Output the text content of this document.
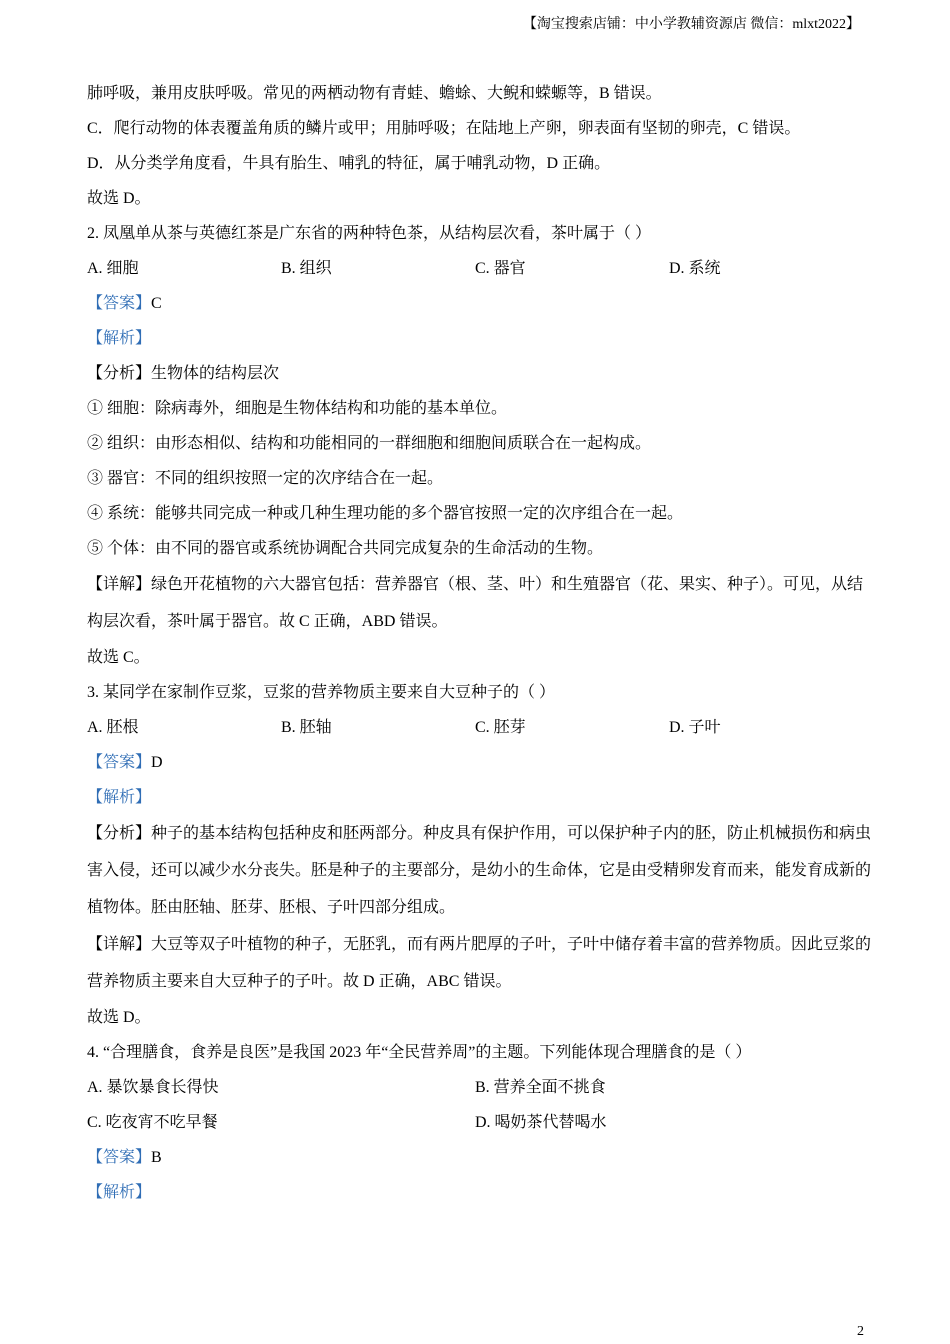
【淘宝搜索店铺：中小学教辅资源店 微信：mlxt2022】
肺呼吸，兼用皮肤呼吸。常见的两栖动物有青蛙、蟾蜍、大鲵和蝾螈等，B 错误。
C．爬行动物的体表覆盖角质的鳞片或甲；用肺呼吸；在陆地上产卵，卵表面有坚韧的卵壳，C 错误。
D．从分类学角度看，牛具有胎生、哺乳的特征，属于哺乳动物，D 正确。
故选 D。
2. 凤凰单从茶与英德红茶是广东省的两种特色茶，从结构层次看，茶叶属于（ ）
A. 细胞	B. 组织	C. 器官	D. 系统
【答案】C
【解析】
【分析】生物体的结构层次
① 细胞：除病毒外，细胞是生物体结构和功能的基本单位。
② 组织：由形态相似、结构和功能相同的一群细胞和细胞间质联合在一起构成。
③ 器官：不同的组织按照一定的次序结合在一起。
④ 系统：能够共同完成一种或几种生理功能的多个器官按照一定的次序组合在一起。
⑤ 个体：由不同的器官或系统协调配合共同完成复杂的生命活动的生物。
【详解】绿色开花植物的六大器官包括：营养器官（根、茎、叶）和生殖器官（花、果实、种子）。可见，从结构层次看，茶叶属于器官。故 C 正确，ABD 错误。
故选 C。
3. 某同学在家制作豆浆，豆浆的营养物质主要来自大豆种子的（ ）
A. 胚根	B. 胚轴	C. 胚芽	D. 子叶
【答案】D
【解析】
【分析】种子的基本结构包括种皮和胚两部分。种皮具有保护作用，可以保护种子内的胚，防止机械损伤和病虫害入侵，还可以减少水分丧失。胚是种子的主要部分，是幼小的生命体，它是由受精卵发育而来，能发育成新的植物体。胚由胚轴、胚芽、胚根、子叶四部分组成。
【详解】大豆等双子叶植物的种子，无胚乳，而有两片肥厚的子叶，子叶中储存着丰富的营养物质。因此豆浆的营养物质主要来自大豆种子的子叶。故 D 正确，ABC 错误。
故选 D。
4. “合理膳食，食养是良医”是我国 2023 年“全民营养周”的主题。下列能体现合理膳食的是（ ）
A. 暴饮暴食长得快	B. 营养全面不挑食
C. 吃夜宵不吃早餐	D. 喝奶茶代替喝水
【答案】B
【解析】
2
